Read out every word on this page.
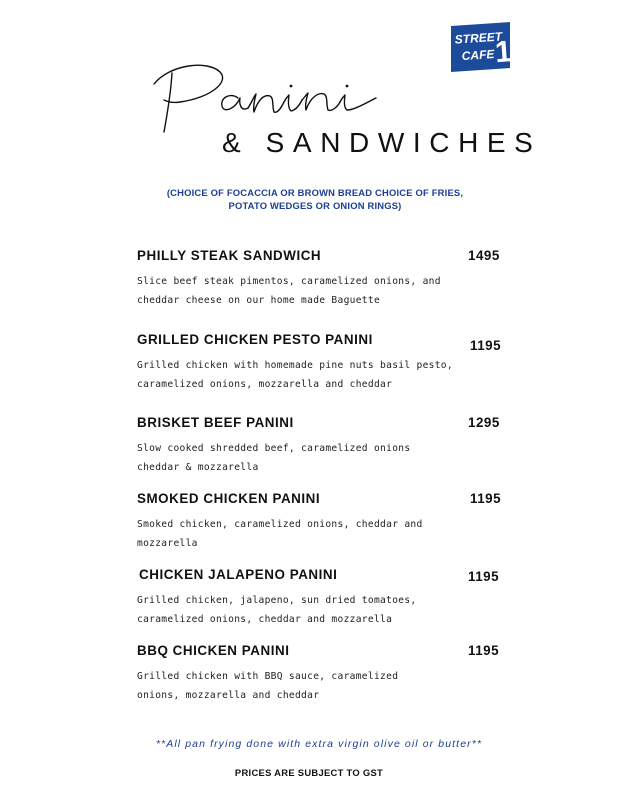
STREET
CAFE 1
& SANDWICHES
(CHOICE OF FOCACCIA OR BROWN BREAD CHOICE OF FRIES,
POTATO WEDGES OR ONION RINGS)
PHILLY STEAK SANDWICH	1495
Slice beef steak pimentos, caramelized onions, and
cheddar cheese on our home made Baguette
GRILLED CHICKEN PESTO PANINI	1195
Grilled chicken with homemade pine nuts basil pesto,
caramelized onions, mozzarella and cheddar
BRISKET BEEF PANINI	1295
Slow cooked shredded beef, caramelized onions
cheddar & mozzarella
SMOKED CHICKEN PANINI	1195
Smoked chicken, caramelized onions, cheddar and
mozzarella
CHICKEN JALAPENO PANINI	1195
Grilled chicken, jalapeno, sun dried tomatoes,
caramelized onions, cheddar and mozzarella
BBQ CHICKEN PANINI	1195
Grilled chicken with BBQ sauce, caramelized
onions, mozzarella and cheddar
**All pan frying done with extra virgin olive oil or butter**
PRICES ARE SUBJECT TO GST
